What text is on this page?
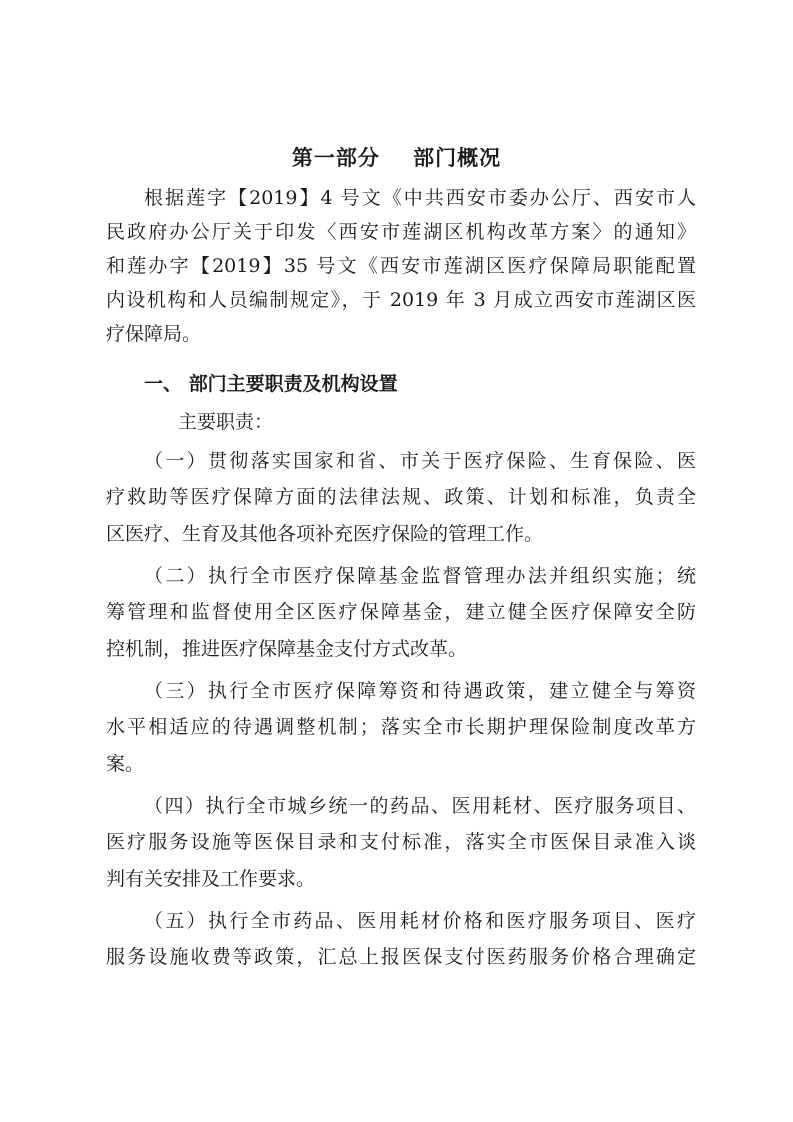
第一部分    部门概况
根据莲字【2019】4 号文《中共西安市委办公厅、西安市人
民政府办公厅关于印发〈西安市莲湖区机构改革方案〉的通知》
和莲办字【2019】35 号文《西安市莲湖区医疗保障局职能配置
内设机构和人员编制规定》，于 2019 年 3 月成立西安市莲湖区医
疗保障局。
一、 部门主要职责及机构设置
主要职责：
（一）贯彻落实国家和省、市关于医疗保险、生育保险、医
疗救助等医疗保障方面的法律法规、政策、计划和标准，负责全
区医疗、生育及其他各项补充医疗保险的管理工作。
（二）执行全市医疗保障基金监督管理办法并组织实施；统
筹管理和监督使用全区医疗保障基金，建立健全医疗保障安全防
控机制，推进医疗保障基金支付方式改革。
（三）执行全市医疗保障筹资和待遇政策，建立健全与筹资
水平相适应的待遇调整机制；落实全市长期护理保险制度改革方
案。
（四）执行全市城乡统一的药品、医用耗材、医疗服务项目、
医疗服务设施等医保目录和支付标准，落实全市医保目录准入谈
判有关安排及工作要求。
（五）执行全市药品、医用耗材价格和医疗服务项目、医疗
服务设施收费等政策，汇总上报医保支付医药服务价格合理确定
